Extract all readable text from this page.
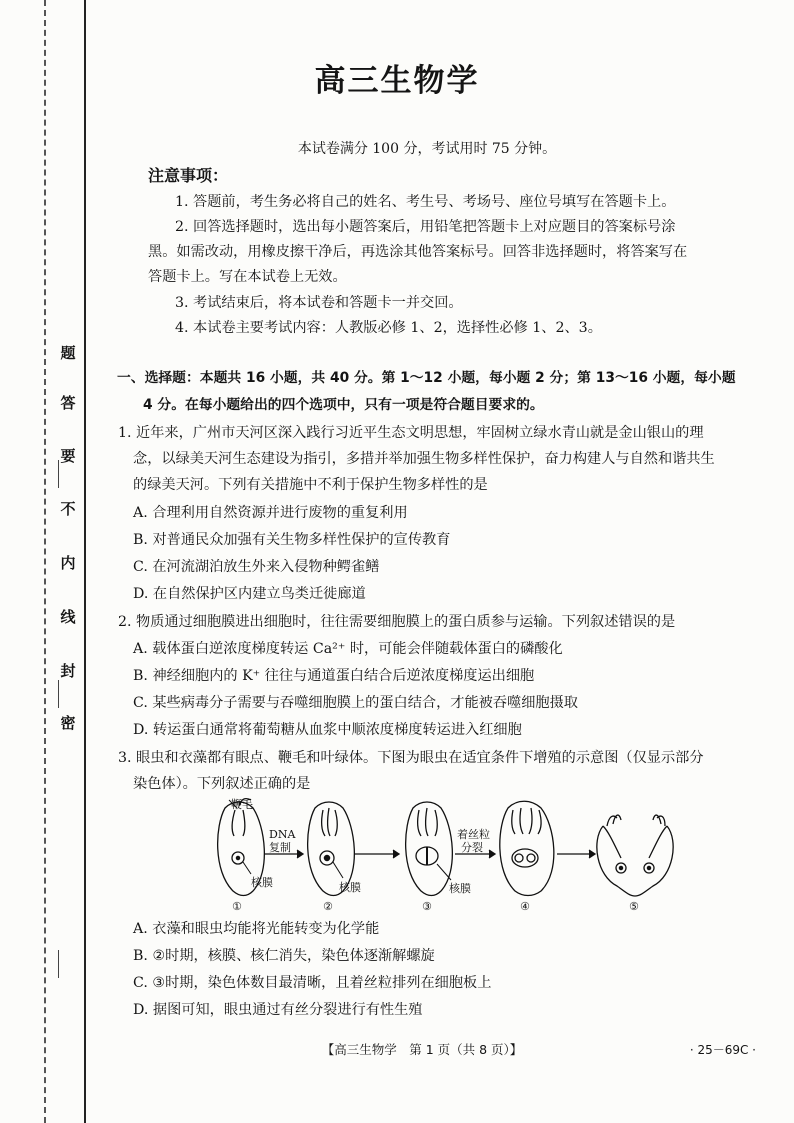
题
答
要
不
内
线
封
密
高三生物学
本试卷满分 100 分，考试用时 75 分钟。
注意事项：
1. 答题前，考生务必将自己的姓名、考生号、考场号、座位号填写在答题卡上。
2. 回答选择题时，选出每小题答案后，用铅笔把答题卡上对应题目的答案标号涂
黑。如需改动，用橡皮擦干净后，再选涂其他答案标号。回答非选择题时，将答案写在
答题卡上。写在本试卷上无效。
3. 考试结束后，将本试卷和答题卡一并交回。
4. 本试卷主要考试内容：人教版必修 1、2，选择性必修 1、2、3。
一、选择题：本题共 16 小题，共 40 分。第 1～12 小题，每小题 2 分；第 13～16 小题，每小题
4 分。在每小题给出的四个选项中，只有一项是符合题目要求的。
1. 近年来，广州市天河区深入践行习近平生态文明思想，牢固树立绿水青山就是金山银山的理
念，以绿美天河生态建设为指引，多措并举加强生物多样性保护，奋力构建人与自然和谐共生
的绿美天河。下列有关措施中不利于保护生物多样性的是
A. 合理利用自然资源并进行废物的重复利用
B. 对普通民众加强有关生物多样性保护的宣传教育
C. 在河流湖泊放生外来入侵物种鳄雀鳝
D. 在自然保护区内建立鸟类迁徙廊道
2. 物质通过细胞膜进出细胞时，往往需要细胞膜上的蛋白质参与运输。下列叙述错误的是
A. 载体蛋白逆浓度梯度转运 Ca²⁺ 时，可能会伴随载体蛋白的磷酸化
B. 神经细胞内的 K⁺ 往往与通道蛋白结合后逆浓度梯度运出细胞
C. 某些病毒分子需要与吞噬细胞膜上的蛋白结合，才能被吞噬细胞摄取
D. 转运蛋白通常将葡萄糖从血浆中顺浓度梯度转运进入红细胞
3. 眼虫和衣藻都有眼点、鞭毛和叶绿体。下图为眼虫在适宜条件下增殖的示意图（仅显示部分
染色体）。下列叙述正确的是
鞭毛
DNA
复制
着丝粒
分裂
核膜	核膜	核膜
①	②	③	④	⑤
A. 衣藻和眼虫均能将光能转变为化学能
B. ②时期，核膜、核仁消失，染色体逐渐解螺旋
C. ③时期，染色体数目最清晰，且着丝粒排列在细胞板上
D. 据图可知，眼虫通过有丝分裂进行有性生殖
【高三生物学　第 1 页（共 8 页）】	· 25－69C ·
